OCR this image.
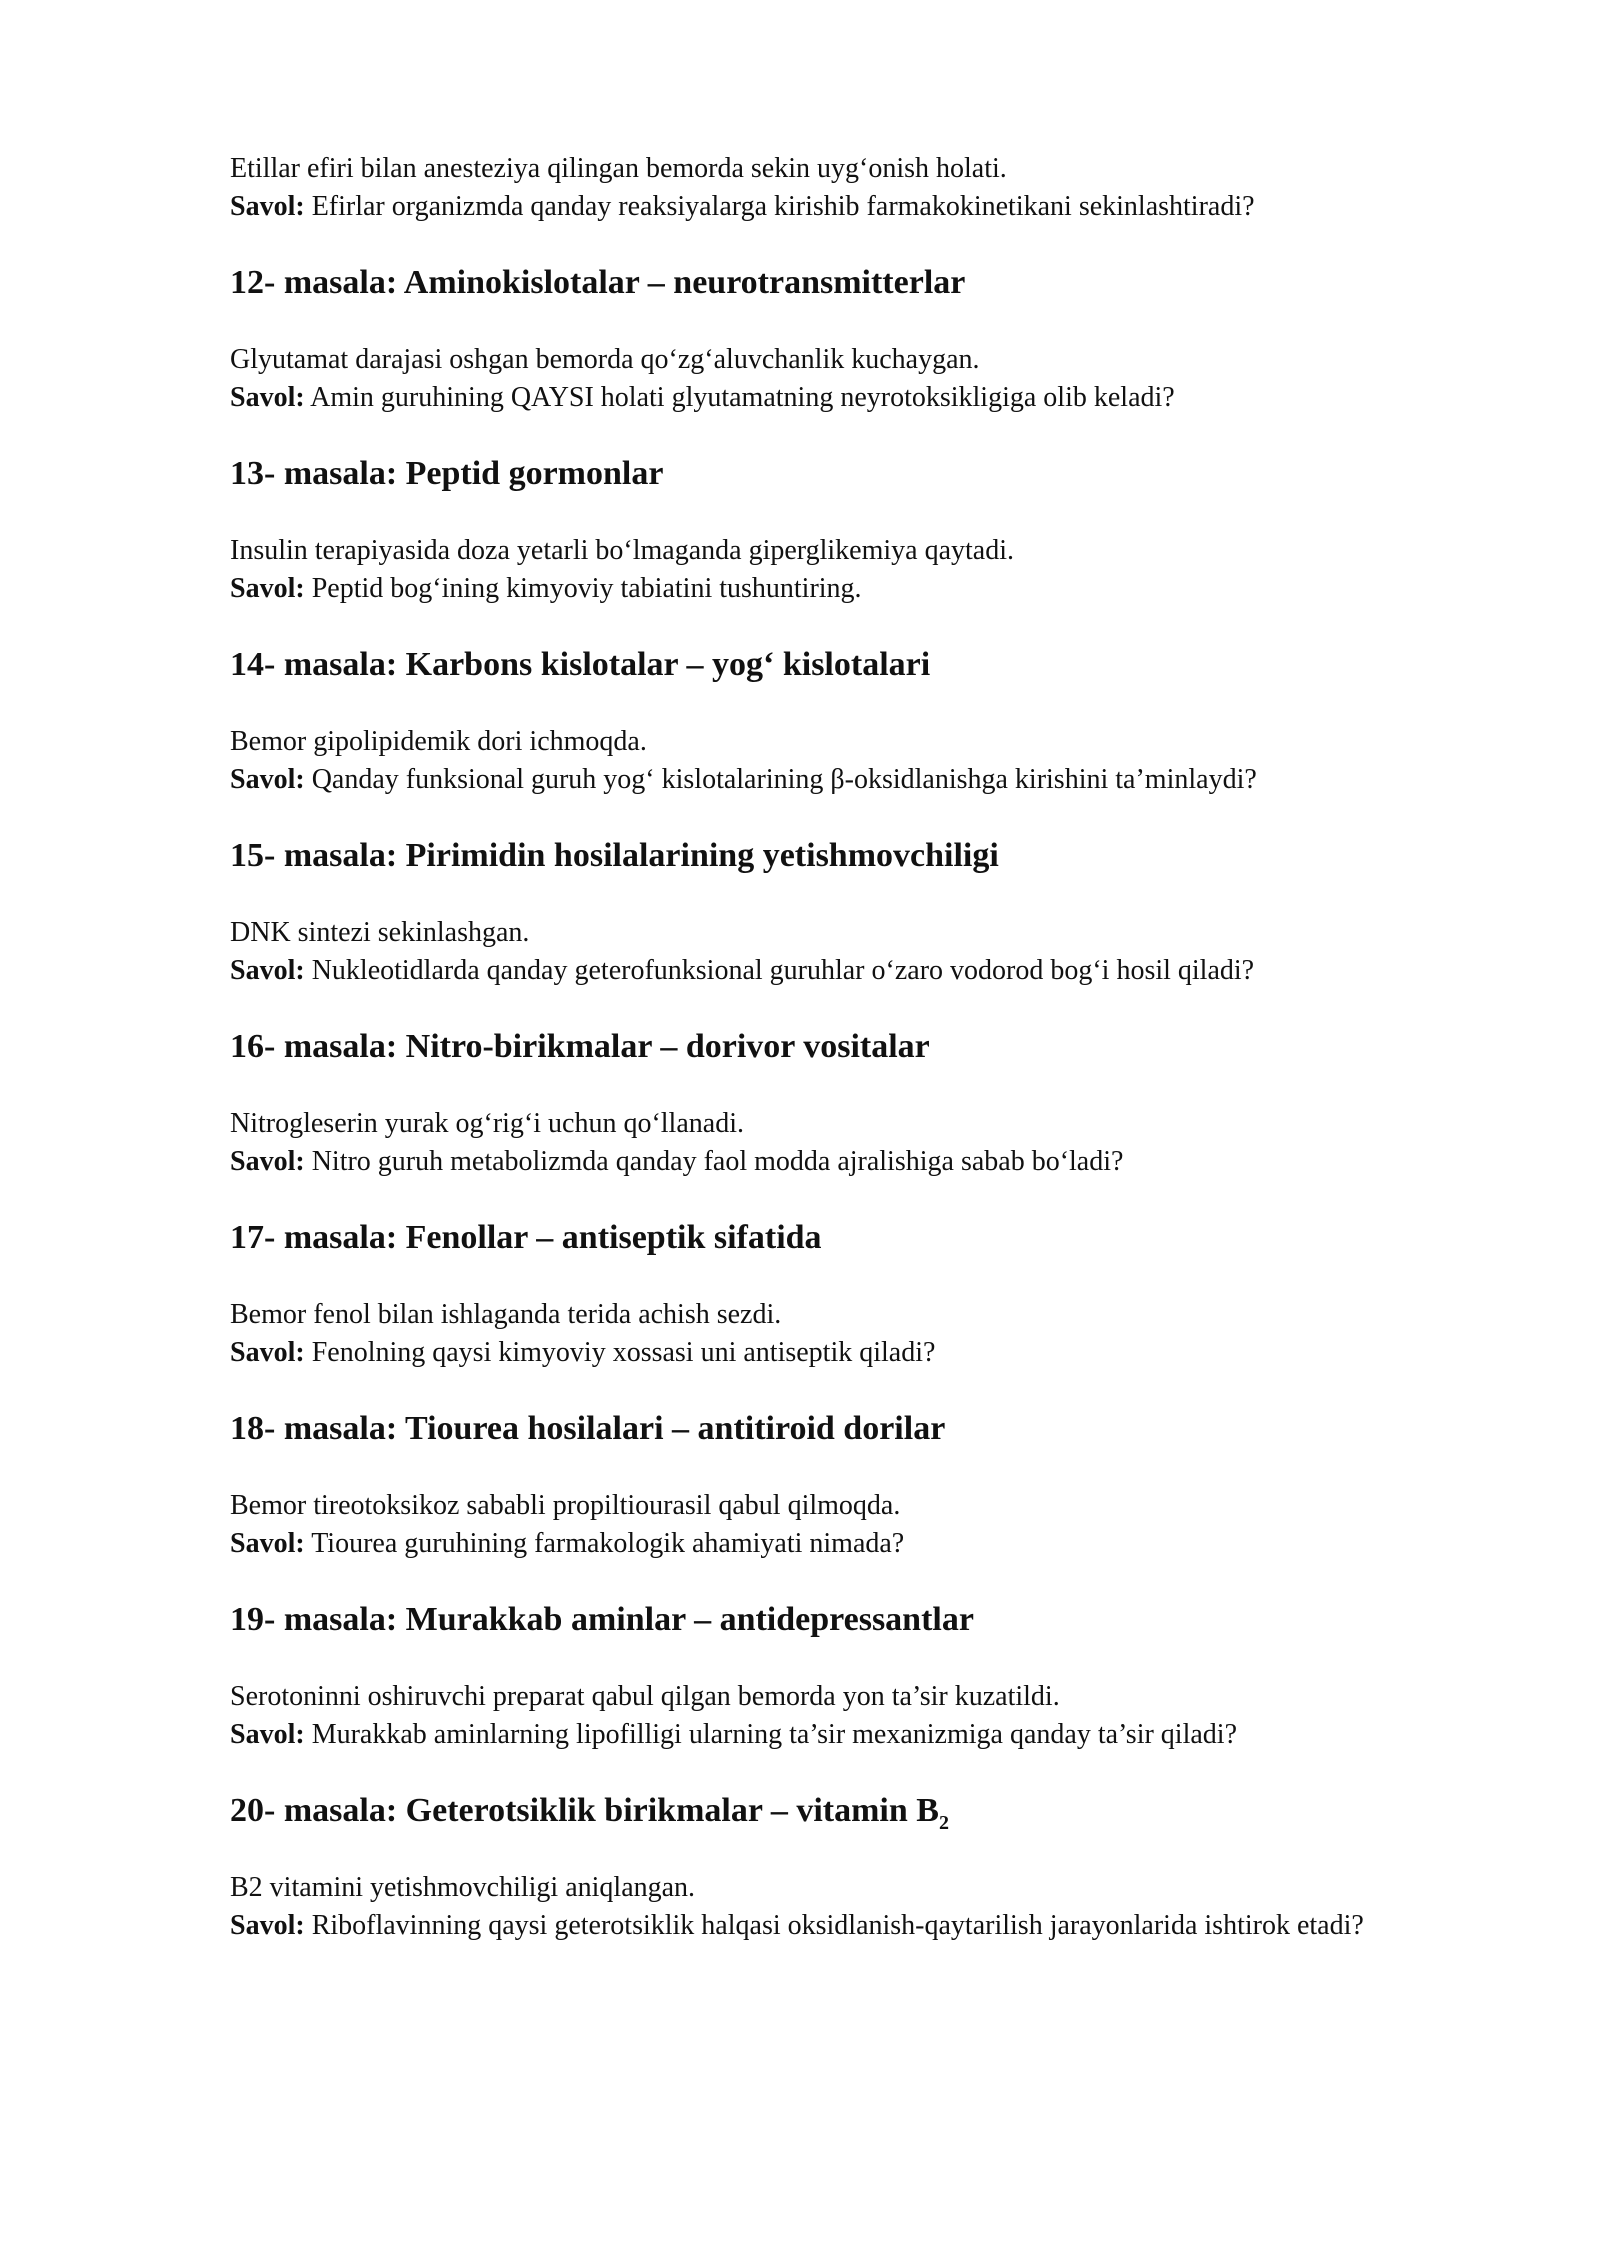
Etillar efiri bilan anesteziya qilingan bemorda sekin uyg‘onish holati.

Savol: Efirlar organizmda qanday reaksiyalarga kirishib farmakokinetikani sekinlashtiradi?

12- masala: Aminokislotalar – neurotransmitterlar

Glyutamat darajasi oshgan bemorda qo‘zg‘aluvchanlik kuchaygan.

Savol: Amin guruhining QAYSI holati glyutamatning neyrotoksikligiga olib keladi?

13- masala: Peptid gormonlar

Insulin terapiyasida doza yetarli bo‘lmaganda giperglikemiya qaytadi.

Savol: Peptid bog‘ining kimyoviy tabiatini tushuntiring.

14- masala: Karbons kislotalar – yog‘ kislotalari

Bemor gipolipidemik dori ichmoqda.

Savol: Qanday funksional guruh yog‘ kislotalarining β-oksidlanishga kirishini ta’minlaydi?

15- masala: Pirimidin hosilalarining yetishmovchiligi

DNK sintezi sekinlashgan.

Savol: Nukleotidlarda qanday geterofunksional guruhlar o‘zaro vodorod bog‘i hosil qiladi?

16- masala: Nitro-birikmalar – dorivor vositalar

Nitrogleserin yurak og‘rig‘i uchun qo‘llanadi.

Savol: Nitro guruh metabolizmda qanday faol modda ajralishiga sabab bo‘ladi?

17- masala: Fenollar – antiseptik sifatida

Bemor fenol bilan ishlaganda terida achish sezdi.

Savol: Fenolning qaysi kimyoviy xossasi uni antiseptik qiladi?

18- masala: Tiourea hosilalari – antitiroid dorilar

Bemor tireotoksikoz sababli propiltiourasil qabul qilmoqda.

Savol: Tiourea guruhining farmakologik ahamiyati nimada?

19- masala: Murakkab aminlar – antidepressantlar

Serotoninni oshiruvchi preparat qabul qilgan bemorda yon ta’sir kuzatildi.

Savol: Murakkab aminlarning lipofilligi ularning ta’sir mexanizmiga qanday ta’sir qiladi?

20- masala: Geterotsiklik birikmalar – vitamin $B_2$

B2 vitamini yetishmovchiligi aniqlangan.

Savol: Riboflavinning qaysi geterotsiklik halqasi oksidlanish-qaytarilish jarayonlarida ishtirok etadi?
